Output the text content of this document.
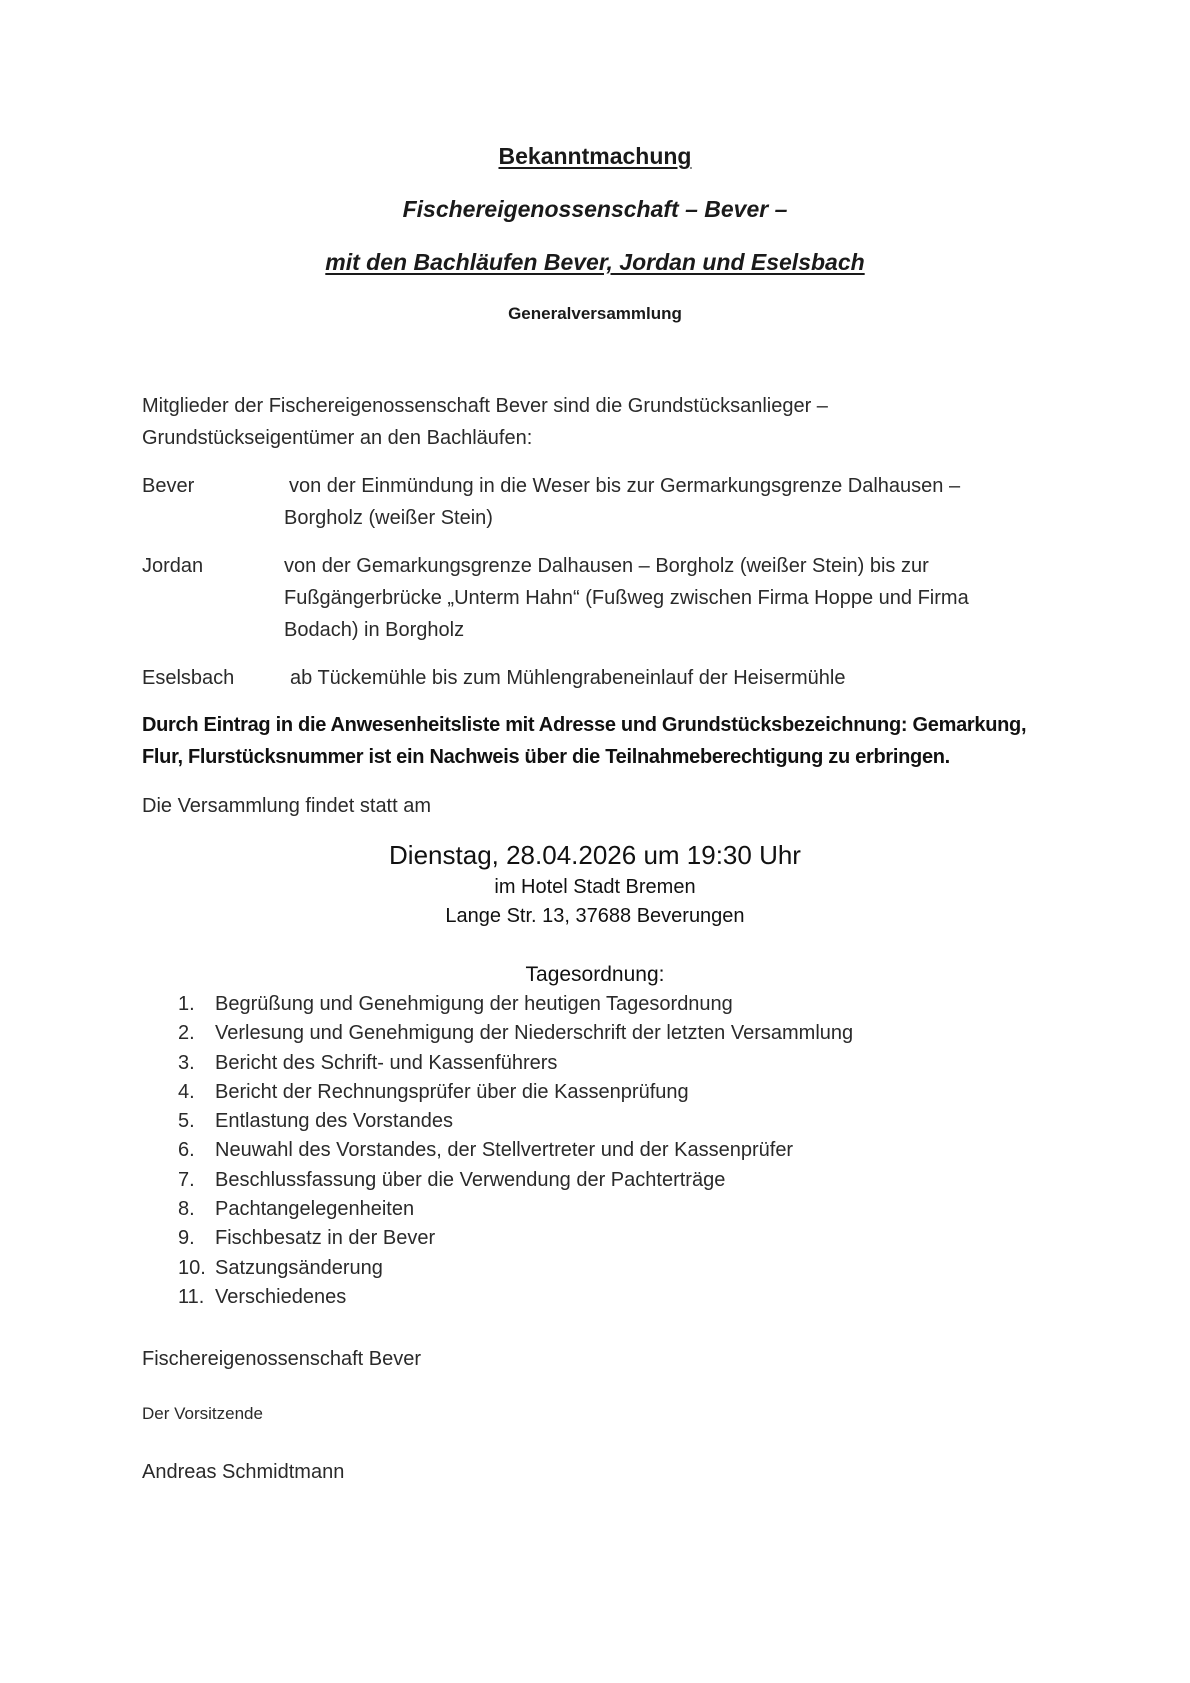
Bekanntmachung
Fischereigenossenschaft – Bever –
mit den Bachläufen Bever, Jordan und Eselsbach
Generalversammlung
Mitglieder der Fischereigenossenschaft Bever sind die Grundstücksanlieger –
Grundstückseigentümer an den Bachläufen:
Bever	von der Einmündung in die Weser bis zur Germarkungsgrenze Dalhausen –
Borgholz (weißer Stein)
Jordan	von der Gemarkungsgrenze Dalhausen – Borgholz (weißer Stein) bis zur
Fußgängerbrücke „Unterm Hahn“ (Fußweg zwischen Firma Hoppe und Firma
Bodach) in Borgholz
Eselsbach	ab Tückemühle bis zum Mühlengrabeneinlauf der Heisermühle
Durch Eintrag in die Anwesenheitsliste mit Adresse und Grundstücksbezeichnung: Gemarkung,
Flur, Flurstücksnummer ist ein Nachweis über die Teilnahmeberechtigung zu erbringen.
Die Versammlung findet statt am
Dienstag, 28.04.2026 um 19:30 Uhr
im Hotel Stadt Bremen
Lange Str. 13, 37688 Beverungen
Tagesordnung:
1. Begrüßung und Genehmigung der heutigen Tagesordnung
2. Verlesung und Genehmigung der Niederschrift der letzten Versammlung
3. Bericht des Schrift- und Kassenführers
4. Bericht der Rechnungsprüfer über die Kassenprüfung
5. Entlastung des Vorstandes
6. Neuwahl des Vorstandes, der Stellvertreter und der Kassenprüfer
7. Beschlussfassung über die Verwendung der Pachterträge
8. Pachtangelegenheiten
9. Fischbesatz in der Bever
10. Satzungsänderung
11. Verschiedenes
Fischereigenossenschaft Bever
Der Vorsitzende
Andreas Schmidtmann
